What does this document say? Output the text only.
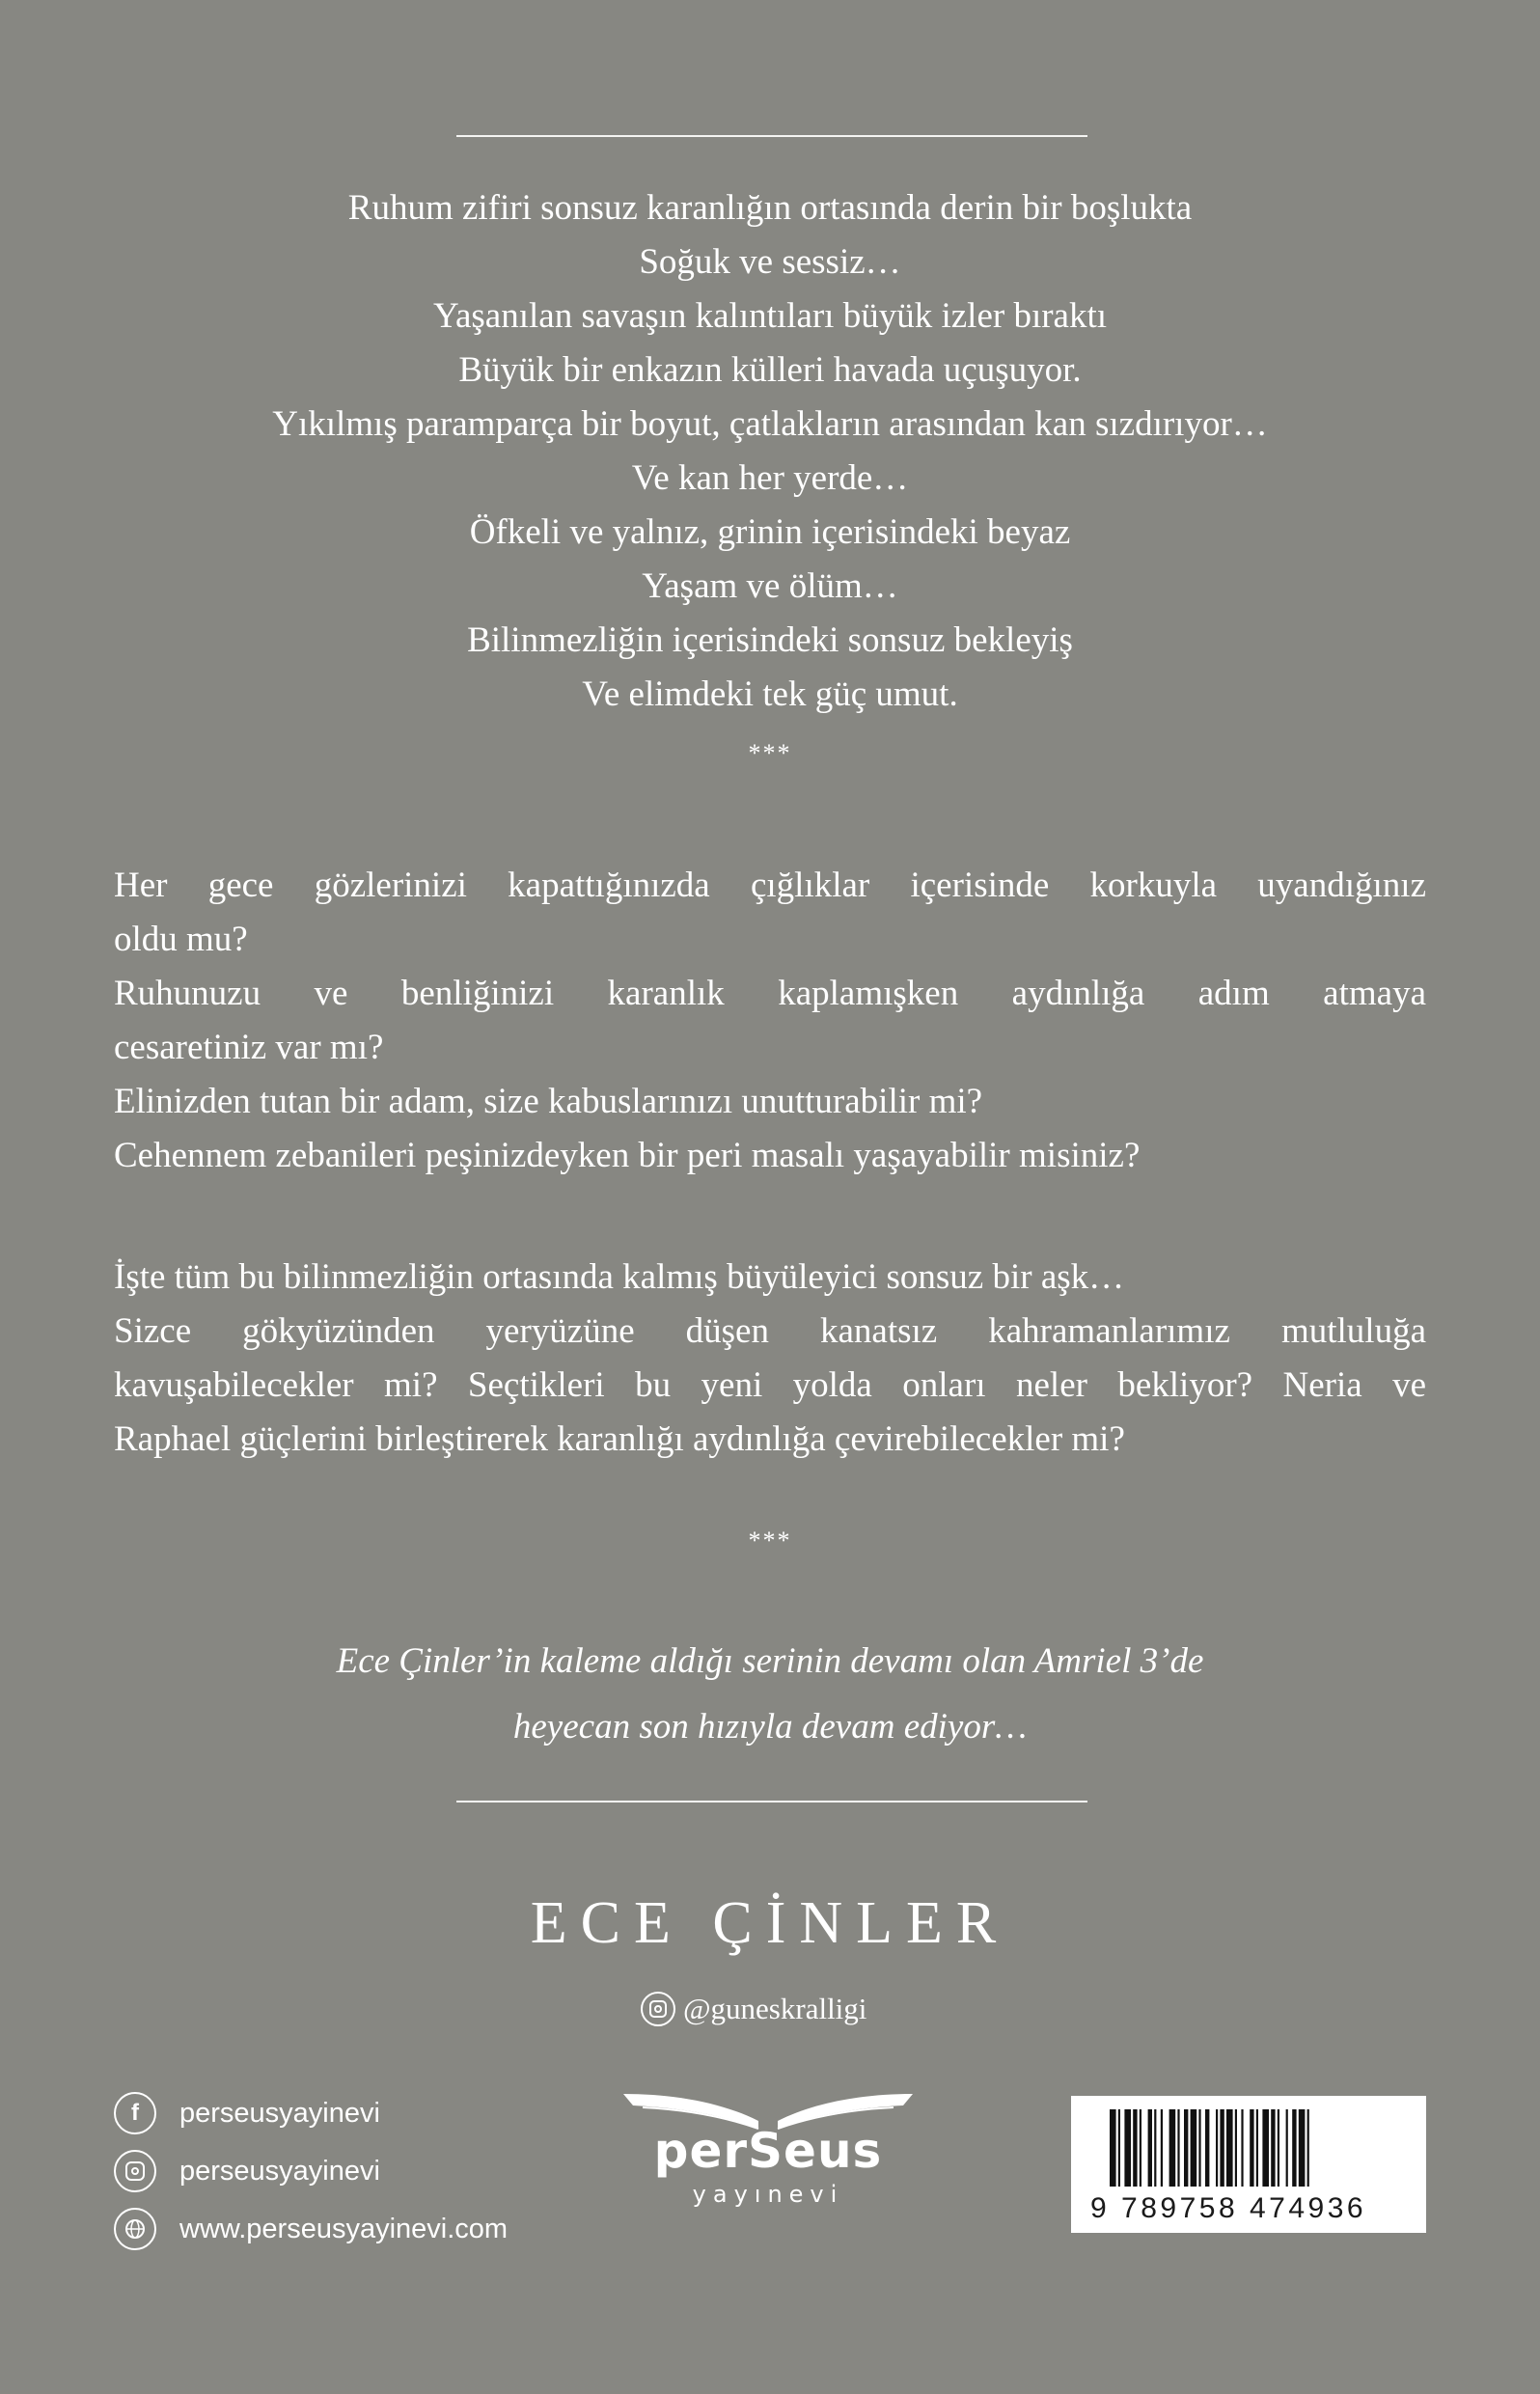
Ruhum zifiri sonsuz karanlığın ortasında derin bir boşlukta
Soğuk ve sessiz…
Yaşanılan savaşın kalıntıları büyük izler bıraktı
Büyük bir enkazın külleri havada uçuşuyor.
Yıkılmış paramparça bir boyut, çatlakların arasından kan sızdırıyor…
Ve kan her yerde…
Öfkeli ve yalnız, grinin içerisindeki beyaz
Yaşam ve ölüm…
Bilinmezliğin içerisindeki sonsuz bekleyiş
Ve elimdeki tek güç umut.
***
Her gece gözlerinizi kapattığınızda çığlıklar içerisinde korkuyla uyandığınız
oldu mu?
Ruhunuzu ve benliğinizi karanlık kaplamışken aydınlığa adım atmaya
cesaretiniz var mı?
Elinizden tutan bir adam, size kabuslarınızı unutturabilir mi?
Cehennem zebanileri peşinizdeyken bir peri masalı yaşayabilir misiniz?
İşte tüm bu bilinmezliğin ortasında kalmış büyüleyici sonsuz bir aşk…
Sizce gökyüzünden yeryüzüne düşen kanatsız kahramanlarımız mutluluğa
kavuşabilecekler mi? Seçtikleri bu yeni yolda onları neler bekliyor? Neria ve
Raphael güçlerini birleştirerek karanlığı aydınlığa çevirebilecekler mi?
***
Ece Çinler’in kaleme aldığı serinin devamı olan Amriel 3’de
heyecan son hızıyla devam ediyor…
ECE ÇİNLER
@guneskralligi
f	perseusyayinevi
perseusyayinevi
www.perseusyayinevi.com
perSeus
yayınevi	9 789758 474936
